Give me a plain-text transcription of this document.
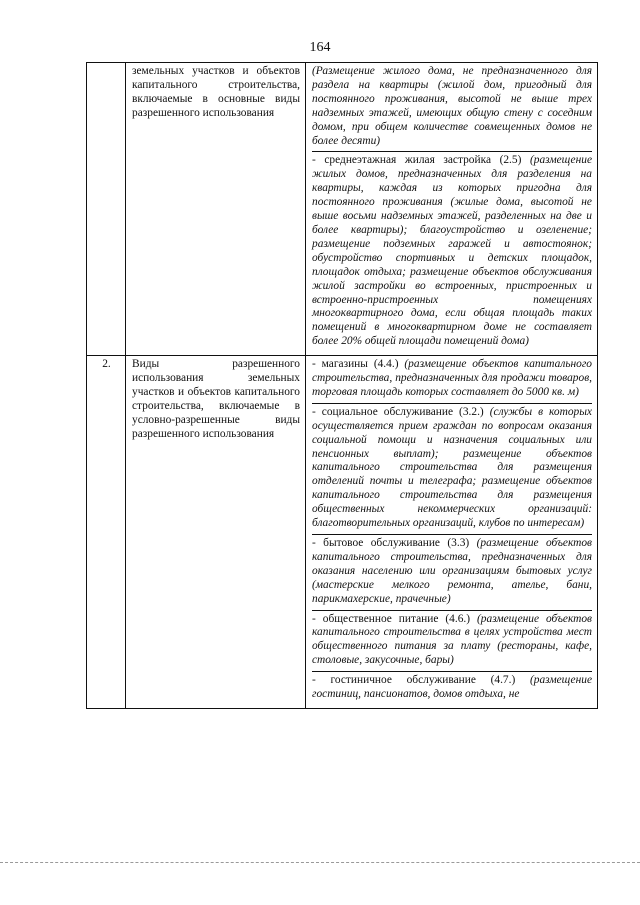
164
	земельных участков и объектов капитального строительства, включаемые в основные виды разрешенного использования	(Размещение жилого дома, не предназначенного для раздела на квартиры (жилой дом, пригодный для постоянного проживания, высотой не выше трех надземных этажей, имеющих общую стену с соседним домом, при общем количестве совмещенных домов не более десяти)

- среднеэтажная жилая застройка (2.5) (размещение жилых домов, предназначенных для разделения на квартиры, каждая из которых пригодна для постоянного проживания (жилые дома, высотой не выше восьми надземных этажей, разделенных на две и более квартиры); благоустройство и озеленение; размещение подземных гаражей и автостоянок; обустройство спортивных и детских площадок, площадок отдыха; размещение объектов обслуживания жилой застройки во встроенных, пристроенных и встроенно-пристроенных помещениях многоквартирного дома, если общая площадь таких помещений в многоквартирном доме не составляет более 20% общей площади помещений дома)

2.	Виды разрешенного использования земельных участков и объектов капитального строительства, включаемые в условно-разрешенные виды разрешенного использования	- магазины (4.4.) (размещение объектов капитального строительства, предназначенных для продажи товаров, торговая площадь которых составляет до 5000 кв. м)

- социальное обслуживание (3.2.) (службы в которых осуществляется прием граждан по вопросам оказания социальной помощи и назначения социальных или пенсионных выплат); размещение объектов капитального строительства для размещения отделений почты и телеграфа; размещение объектов капитального строительства для размещения общественных некоммерческих организаций: благотворительных организаций, клубов по интересам)

- бытовое обслуживание (3.3) (размещение объектов капитального строительства, предназначенных для оказания населению или организациям бытовых услуг (мастерские мелкого ремонта, ателье, бани, парикмахерские, прачечные)

- общественное питание (4.6.) (размещение объектов капитального строительства в целях устройства мест общественного питания за плату (рестораны, кафе, столовые, закусочные, бары)

- гостиничное обслуживание (4.7.) (размещение гостиниц, пансионатов, домов отдыха, не
